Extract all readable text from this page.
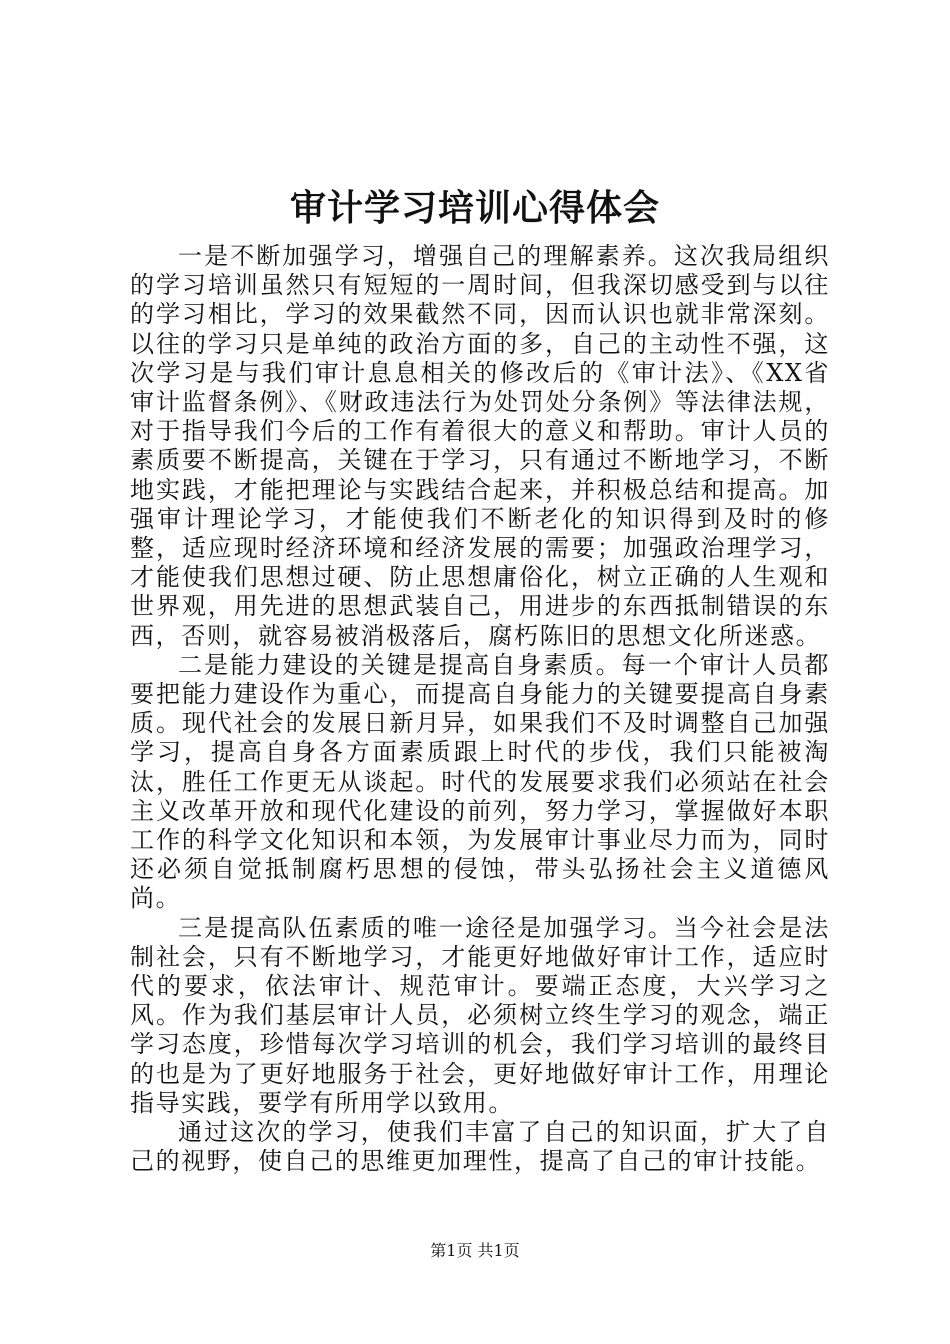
审计学习培训心得体会

一是不断加强学习，增强自己的理解素养。这次我局组织的学习培训虽然只有短短的一周时间，但我深切感受到与以往的学习相比，学习的效果截然不同，因而认识也就非常深刻。以往的学习只是单纯的政治方面的多，自己的主动性不强，这次学习是与我们审计息息相关的修改后的《审计法》、《XX省审计监督条例》、《财政违法行为处罚处分条例》等法律法规，对于指导我们今后的工作有着很大的意义和帮助。审计人员的素质要不断提高，关键在于学习，只有通过不断地学习，不断地实践，才能把理论与实践结合起来，并积极总结和提高。加强审计理论学习，才能使我们不断老化的知识得到及时的修整，适应现时经济环境和经济发展的需要；加强政治理学习，才能使我们思想过硬、防止思想庸俗化，树立正确的人生观和世界观，用先进的思想武装自己，用进步的东西抵制错误的东西，否则，就容易被消极落后，腐朽陈旧的思想文化所迷惑。

二是能力建设的关键是提高自身素质。每一个审计人员都要把能力建设作为重心，而提高自身能力的关键要提高自身素质。现代社会的发展日新月异，如果我们不及时调整自己加强学习，提高自身各方面素质跟上时代的步伐，我们只能被淘汰，胜任工作更无从谈起。时代的发展要求我们必须站在社会主义改革开放和现代化建设的前列，努力学习，掌握做好本职工作的科学文化知识和本领，为发展审计事业尽力而为，同时还必须自觉抵制腐朽思想的侵蚀，带头弘扬社会主义道德风尚。

三是提高队伍素质的唯一途径是加强学习。当今社会是法制社会，只有不断地学习，才能更好地做好审计工作，适应时代的要求，依法审计、规范审计。要端正态度，大兴学习之风。作为我们基层审计人员，必须树立终生学习的观念，端正学习态度，珍惜每次学习培训的机会，我们学习培训的最终目的也是为了更好地服务于社会，更好地做好审计工作，用理论指导实践，要学有所用学以致用。

通过这次的学习，使我们丰富了自己的知识面，扩大了自己的视野，使自己的思维更加理性，提高了自己的审计技能。

第1页 共1页
